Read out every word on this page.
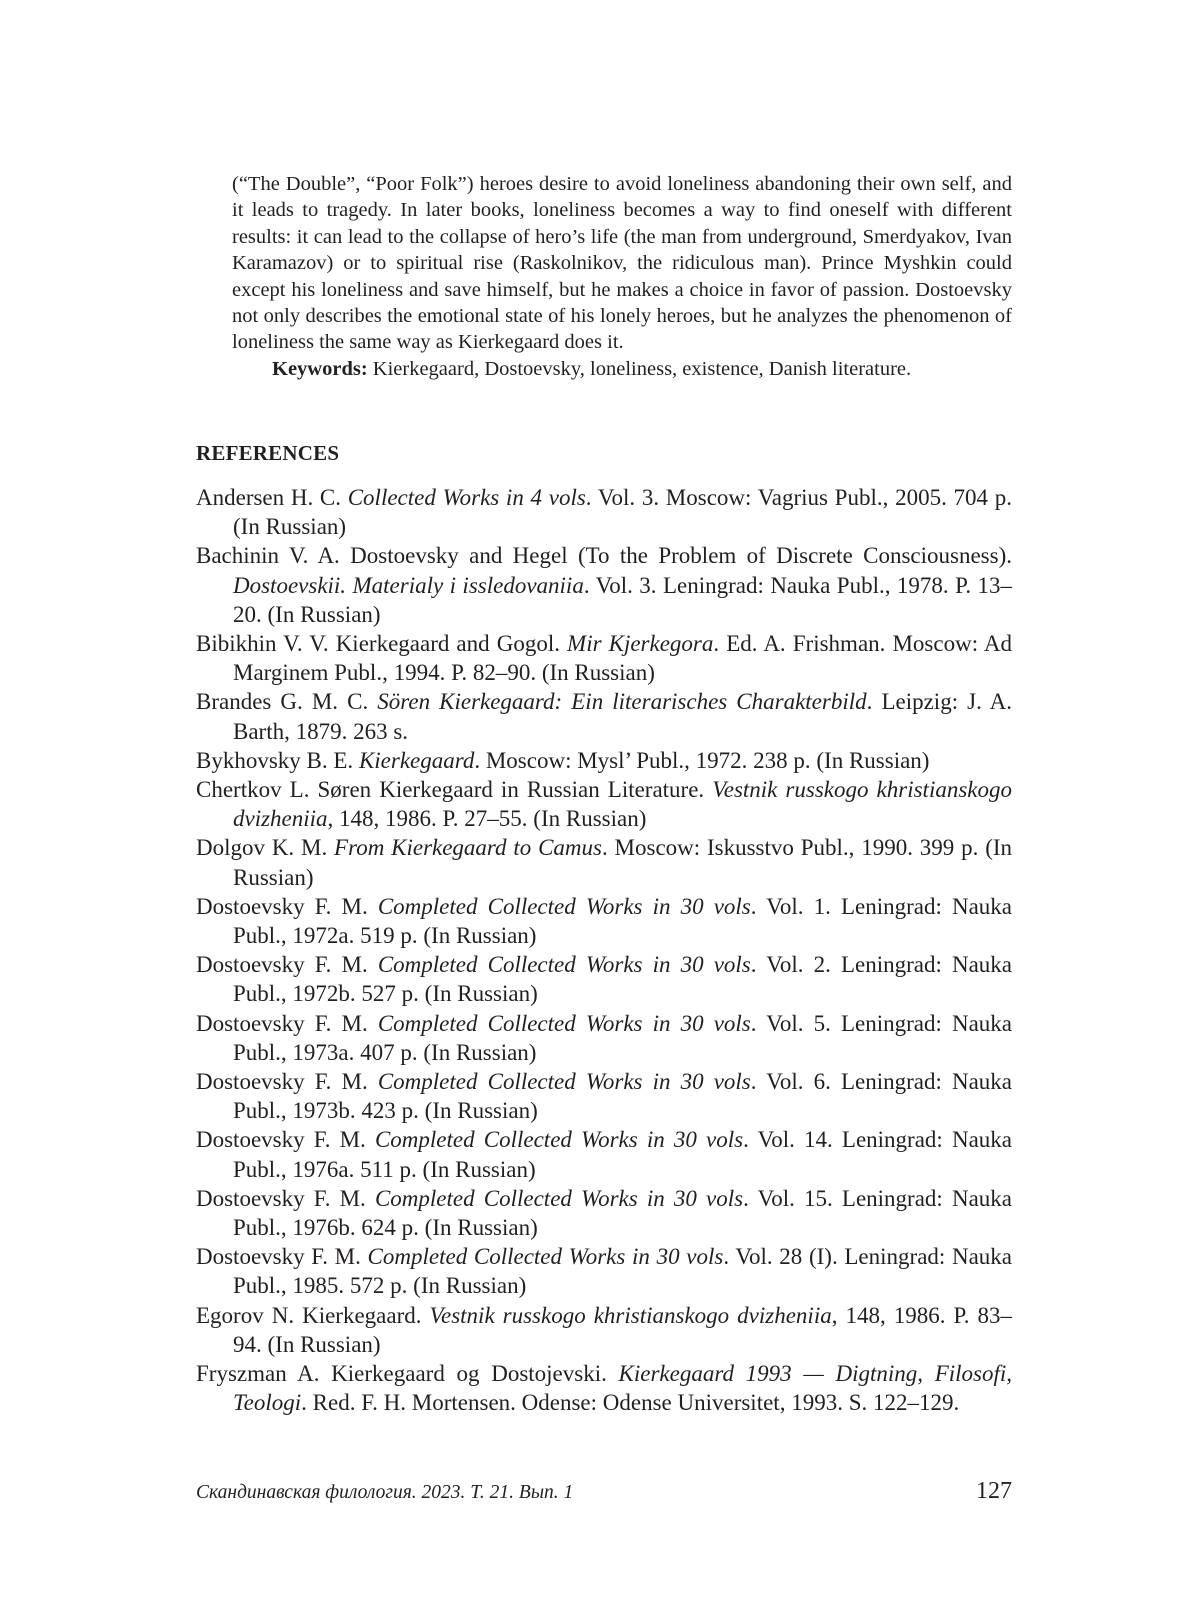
(“The Double”, “Poor Folk”) heroes desire to avoid loneliness abandoning their own self, and it leads to tragedy. In later books, loneliness becomes a way to find oneself with different results: it can lead to the collapse of hero’s life (the man from underground, Smerdyakov, Ivan Karamazov) or to spiritual rise (Raskolnikov, the ridiculous man). Prince Myshkin could except his loneliness and save himself, but he makes a choice in favor of passion. Dostoevsky not only describes the emotional state of his lonely heroes, but he analyzes the phenomenon of loneliness the same way as Kierkegaard does it.

Keywords: Kierkegaard, Dostoevsky, loneliness, existence, Danish literature.

REFERENCES
Andersen H. C. Collected Works in 4 vols. Vol. 3. Moscow: Vagrius Publ., 2005. 704 p. (In Russian)
Bachinin V. A. Dostoevsky and Hegel (To the Problem of Discrete Consciousness). Dostoevskii. Materialy i issledovaniia. Vol. 3. Leningrad: Nauka Publ., 1978. P. 13–20. (In Russian)
Bibikhin V. V. Kierkegaard and Gogol. Mir Kjerkegora. Ed. A. Frishman. Moscow: Ad Marginem Publ., 1994. P. 82–90. (In Russian)
Brandes G. M. C. Sören Kierkegaard: Ein literarisches Charakterbild. Leipzig: J. A. Barth, 1879. 263 s.
Bykhovsky B. E. Kierkegaard. Moscow: Mysl’ Publ., 1972. 238 p. (In Russian)
Chertkov L. Søren Kierkegaard in Russian Literature. Vestnik russkogo khristianskogo dvizheniia, 148, 1986. P. 27–55. (In Russian)
Dolgov K. M. From Kierkegaard to Camus. Moscow: Iskusstvo Publ., 1990. 399 p. (In Russian)
Dostoevsky F. M. Completed Collected Works in 30 vols. Vol. 1. Leningrad: Nauka Publ., 1972a. 519 p. (In Russian)
Dostoevsky F. M. Completed Collected Works in 30 vols. Vol. 2. Leningrad: Nauka Publ., 1972b. 527 p. (In Russian)
Dostoevsky F. M. Completed Collected Works in 30 vols. Vol. 5. Leningrad: Nauka Publ., 1973a. 407 p. (In Russian)
Dostoevsky F. M. Completed Collected Works in 30 vols. Vol. 6. Leningrad: Nauka Publ., 1973b. 423 p. (In Russian)
Dostoevsky F. M. Completed Collected Works in 30 vols. Vol. 14. Leningrad: Nauka Publ., 1976a. 511 p. (In Russian)
Dostoevsky F. M. Completed Collected Works in 30 vols. Vol. 15. Leningrad: Nauka Publ., 1976b. 624 p. (In Russian)
Dostoevsky F. M. Completed Collected Works in 30 vols. Vol. 28 (I). Leningrad: Nauka Publ., 1985. 572 p. (In Russian)
Egorov N. Kierkegaard. Vestnik russkogo khristianskogo dvizheniia, 148, 1986. P. 83–94. (In Russian)
Fryszman A. Kierkegaard og Dostojevski. Kierkegaard 1993 — Digtning, Filosofi, Teologi. Red. F. H. Mortensen. Odense: Odense Universitet, 1993. S. 122–129.
Скандинавская филология. 2023. Т. 21. Вып. 1	127
